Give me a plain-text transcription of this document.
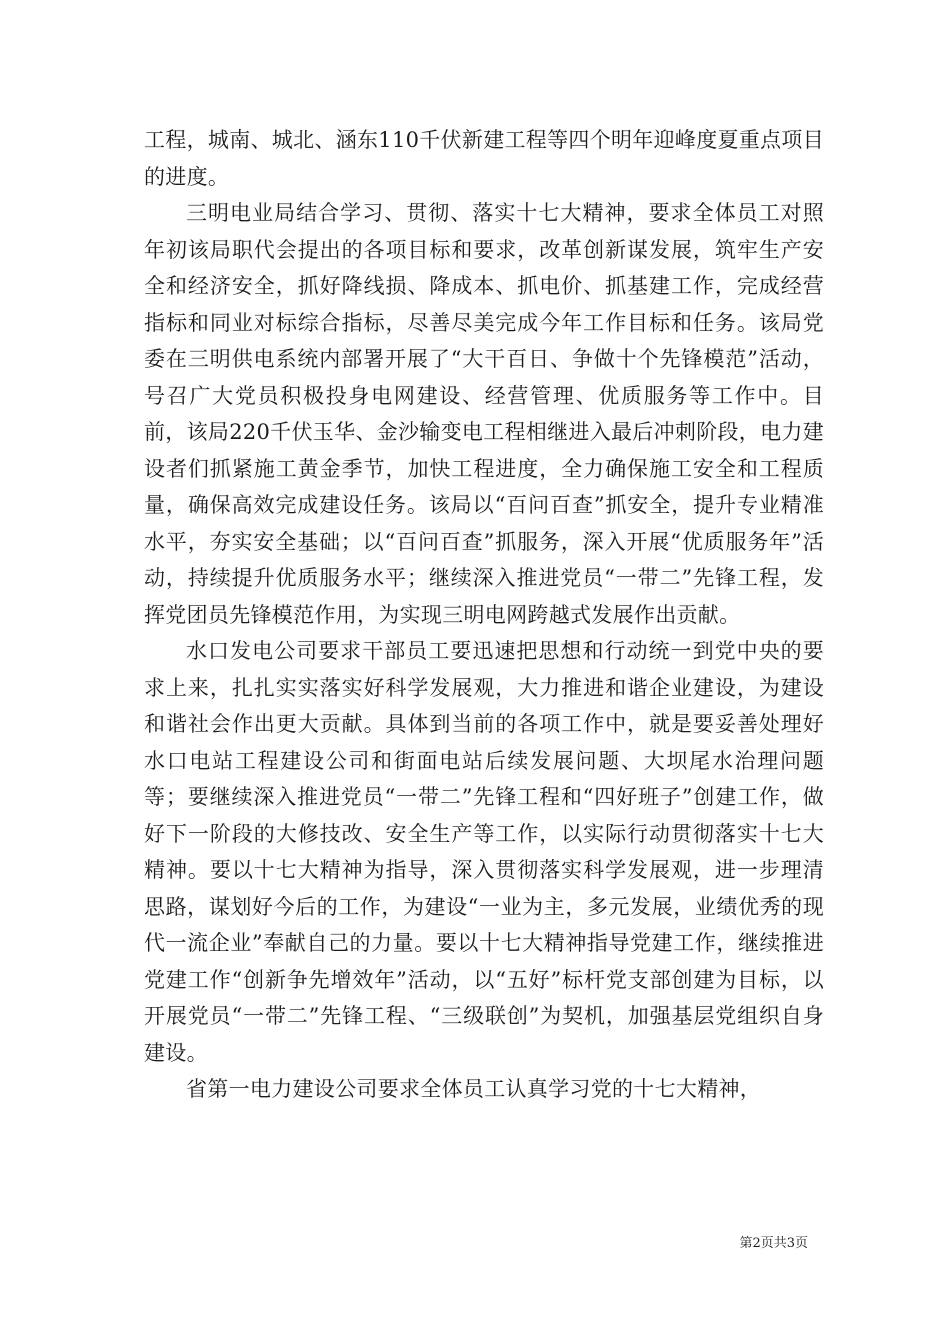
工程，城南、城北、涵东110千伏新建工程等四个明年迎峰度夏重点项目的进度。

三明电业局结合学习、贯彻、落实十七大精神，要求全体员工对照年初该局职代会提出的各项目标和要求，改革创新谋发展，筑牢生产安全和经济安全，抓好降线损、降成本、抓电价、抓基建工作，完成经营指标和同业对标综合指标，尽善尽美完成今年工作目标和任务。该局党委在三明供电系统内部署开展了“大干百日、争做十个先锋模范”活动，号召广大党员积极投身电网建设、经营管理、优质服务等工作中。目前，该局220千伏玉华、金沙输变电工程相继进入最后冲刺阶段，电力建设者们抓紧施工黄金季节，加快工程进度，全力确保施工安全和工程质量，确保高效完成建设任务。该局以“百问百查”抓安全，提升专业精准水平，夯实安全基础；以“百问百查”抓服务，深入开展“优质服务年”活动，持续提升优质服务水平；继续深入推进党员“一带二”先锋工程，发挥党团员先锋模范作用，为实现三明电网跨越式发展作出贡献。

水口发电公司要求干部员工要迅速把思想和行动统一到党中央的要求上来，扎扎实实落实好科学发展观，大力推进和谐企业建设，为建设和谐社会作出更大贡献。具体到当前的各项工作中，就是要妥善处理好水口电站工程建设公司和街面电站后续发展问题、大坝尾水治理问题等；要继续深入推进党员“一带二”先锋工程和“四好班子”创建工作，做好下一阶段的大修技改、安全生产等工作，以实际行动贯彻落实十七大精神。要以十七大精神为指导，深入贯彻落实科学发展观，进一步理清思路，谋划好今后的工作，为建设“一业为主，多元发展，业绩优秀的现代一流企业”奉献自己的力量。要以十七大精神指导党建工作，继续推进党建工作“创新争先增效年”活动，以“五好”标杆党支部创建为目标，以开展党员“一带二”先锋工程、“三级联创”为契机，加强基层党组织自身建设。

省第一电力建设公司要求全体员工认真学习党的十七大精神，

第2页共3页
